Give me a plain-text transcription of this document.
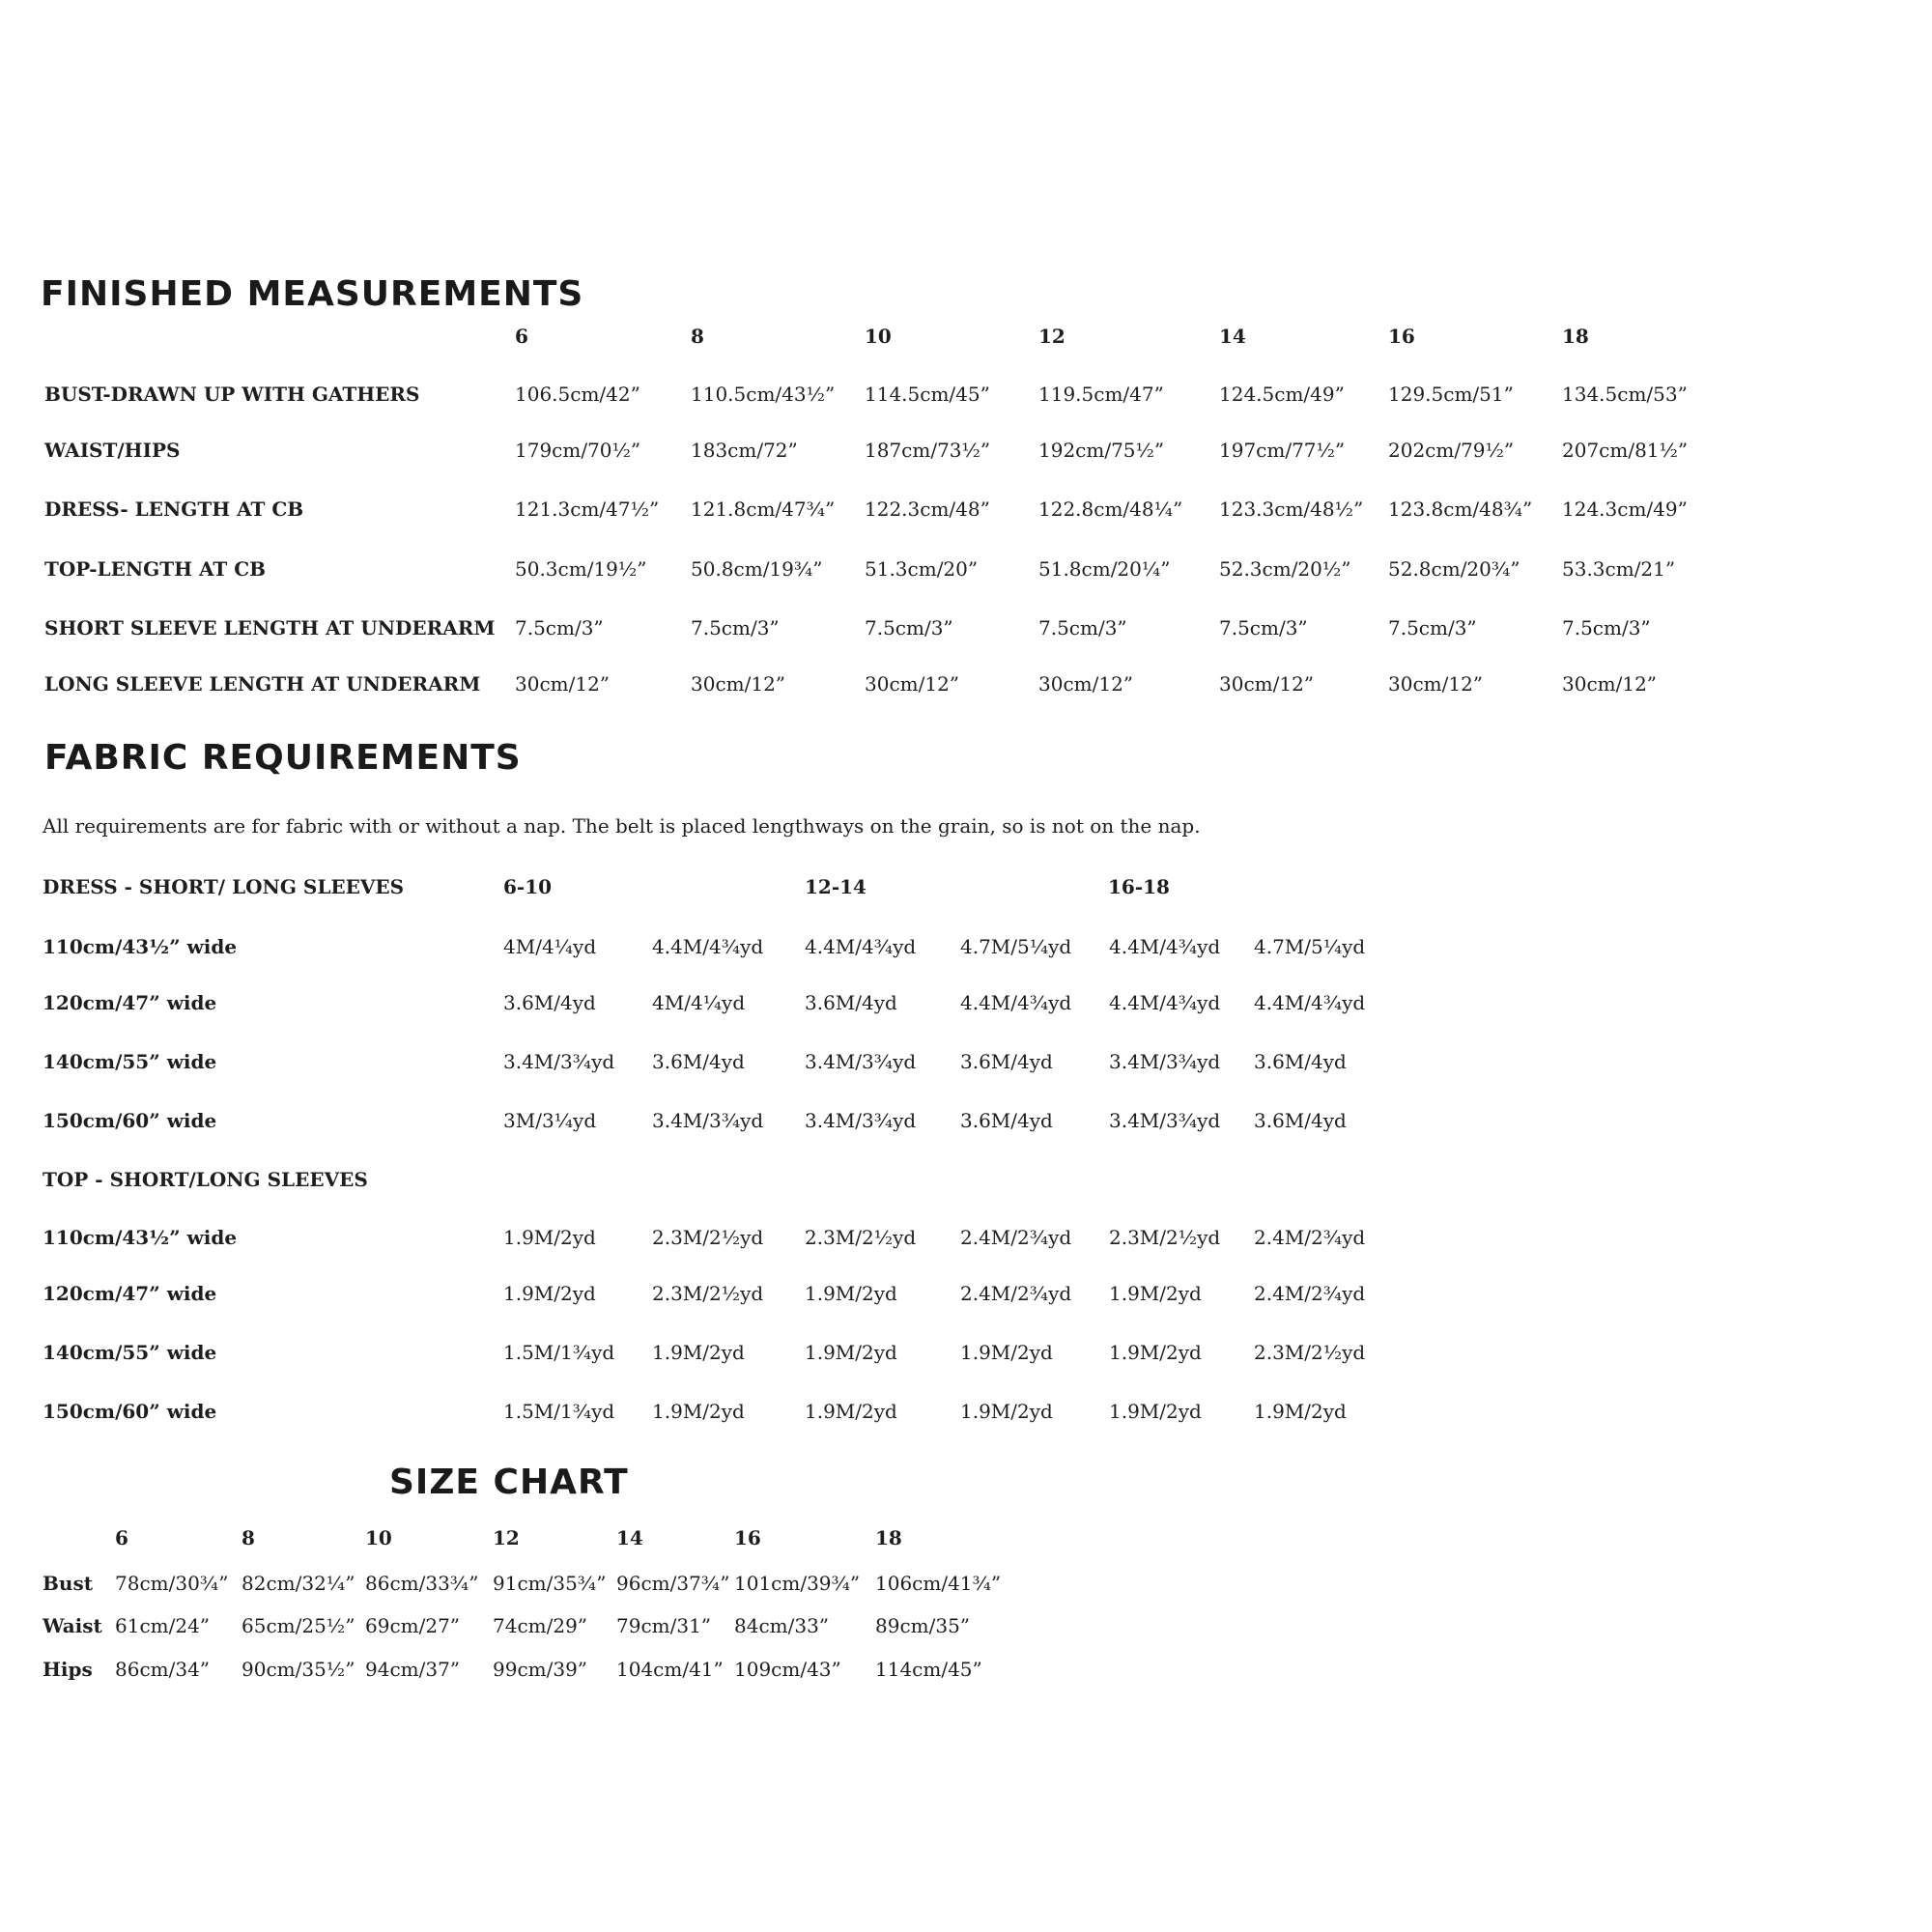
FINISHED MEASUREMENTS
6	8	10	12	14	16	18
BUST-DRAWN UP WITH GATHERS	106.5cm/42”	110.5cm/43½” 114.5cm/45”	119.5cm/47”	124.5cm/49” 129.5cm/51”	134.5cm/53”
WAIST/HIPS	179cm/70½”	183cm/72”	187cm/73½” 192cm/75½”	197cm/77½” 202cm/79½” 207cm/81½”
DRESS- LENGTH AT CB	121.3cm/47½” 121.8cm/47¾” 122.3cm/48”	122.8cm/48¼” 123.3cm/48½” 123.8cm/48¾” 124.3cm/49”
TOP-LENGTH AT CB	50.3cm/19½” 50.8cm/19¾” 51.3cm/20”	51.8cm/20¼”	52.3cm/20½” 52.8cm/20¾” 53.3cm/21”
SHORT SLEEVE LENGTH AT UNDERARM 7.5cm/3”	7.5cm/3”	7.5cm/3”	7.5cm/3”	7.5cm/3”	7.5cm/3”	7.5cm/3”
LONG SLEEVE LENGTH AT UNDERARM 30cm/12”	30cm/12”	30cm/12”	30cm/12”	30cm/12”	30cm/12”	30cm/12”
FABRIC REQUIREMENTS

All requirements are for fabric with or without a nap. The belt is placed lengthways on the grain, so is not on the nap.

DRESS - SHORT/ LONG SLEEVES	6-10	12-14	16-18
110cm/43½” wide	4M/4¼yd	4.4M/4¾yd 4.4M/4¾yd 4.7M/5¼yd 4.4M/4¾yd 4.7M/5¼yd
120cm/47” wide	3.6M/4yd	4M/4¼yd	3.6M/4yd	4.4M/4¾yd 4.4M/4¾yd 4.4M/4¾yd
140cm/55” wide	3.4M/3¾yd 3.6M/4yd	3.4M/3¾yd 3.6M/4yd	3.4M/3¾yd 3.6M/4yd
150cm/60” wide	3M/3¼yd	3.4M/3¾yd 3.4M/3¾yd 3.6M/4yd	3.4M/3¾yd 3.6M/4yd
TOP - SHORT/LONG SLEEVES
110cm/43½” wide	1.9M/2yd	2.3M/2½yd 2.3M/2½yd 2.4M/2¾yd 2.3M/2½yd 2.4M/2¾yd
120cm/47” wide	1.9M/2yd	2.3M/2½yd 1.9M/2yd	2.4M/2¾yd 1.9M/2yd	2.4M/2¾yd
140cm/55” wide	1.5M/1¾yd 1.9M/2yd	1.9M/2yd	1.9M/2yd	1.9M/2yd	2.3M/2½yd
150cm/60” wide	1.5M/1¾yd 1.9M/2yd	1.9M/2yd	1.9M/2yd	1.9M/2yd	1.9M/2yd
SIZE CHART
6	8	10	12	14	16	18
Bust 78cm/30¾” 82cm/32¼” 86cm/33¾” 91cm/35¾” 96cm/37¾” 101cm/39¾” 106cm/41¾”
Waist 61cm/24” 65cm/25½” 69cm/27” 74cm/29” 79cm/31” 84cm/33” 89cm/35”
Hips 86cm/34” 90cm/35½” 94cm/37” 99cm/39” 104cm/41” 109cm/43” 114cm/45”
